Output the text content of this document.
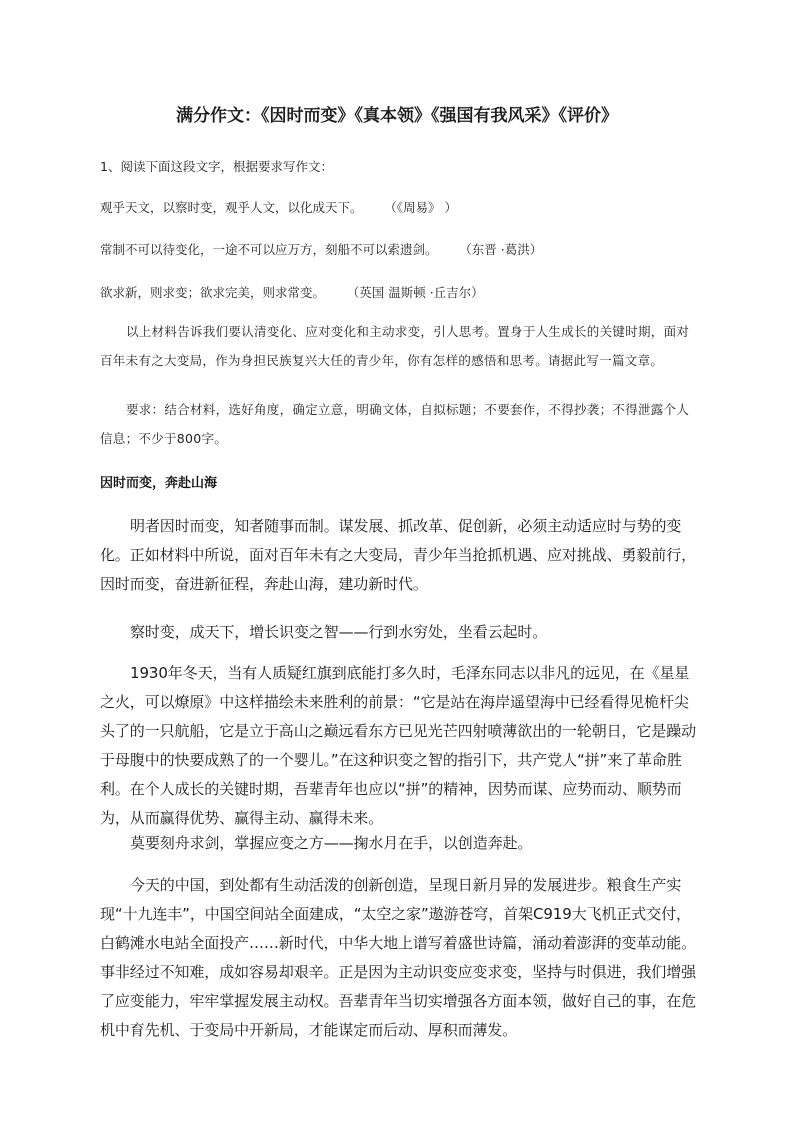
满分作文：《因时而变》《真本领》《强国有我风采》《评价》
1、阅读下面这段文字，根据要求写作文：
观乎天文，以察时变，观乎人文，以化成天下。 （《周易》 ）
常制不可以待变化，一途不可以应万方，刻船不可以索遗剑。 （东晋 ·葛洪）
欲求新，则求变；欲求完美，则求常变。 （英国 温斯顿 ·丘吉尔）

以上材料告诉我们要认清变化、应对变化和主动求变，引人思考。置身于人生成长的关键时期，面对百年未有之大变局，作为身担民族复兴大任的青少年，你有怎样的感悟和思考。请据此写一篇文章。

要求：结合材料，选好角度，确定立意，明确文体，自拟标题；不要套作，不得抄袭；不得泄露个人信息；不少于800字。

因时而变，奔赴山海

明者因时而变，知者随事而制。谋发展、抓改革、促创新，必须主动适应时与势的变化。正如材料中所说，面对百年未有之大变局，青少年当抢抓机遇、应对挑战、勇毅前行，因时而变，奋进新征程，奔赴山海，建功新时代。

察时变，成天下，增长识变之智——行到水穷处，坐看云起时。

1930年冬天，当有人质疑红旗到底能打多久时，毛泽东同志以非凡的远见，在《星星之火，可以燎原》中这样描绘未来胜利的前景：“它是站在海岸遥望海中已经看得见桅杆尖头了的一只航船，它是立于高山之巅远看东方已见光芒四射喷薄欲出的一轮朝日，它是躁动于母腹中的快要成熟了的一个婴儿。”在这种识变之智的指引下，共产党人“拼”来了革命胜利。在个人成长的关键时期，吾辈青年也应以“拼”的精神，因势而谋、应势而动、顺势而为，从而赢得优势、赢得主动、赢得未来。

莫要刻舟求剑，掌握应变之方——掬水月在手，以创造奔赴。

今天的中国，到处都有生动活泼的创新创造，呈现日新月异的发展进步。粮食生产实现“十九连丰”，中国空间站全面建成，“太空之家”遨游苍穹，首架C919大飞机正式交付，白鹤滩水电站全面投产……新时代，中华大地上谱写着盛世诗篇，涌动着澎湃的变革动能。事非经过不知难，成如容易却艰辛。正是因为主动识变应变求变，坚持与时俱进，我们增强了应变能力，牢牢掌握发展主动权。吾辈青年当切实增强各方面本领，做好自己的事，在危机中育先机、于变局中开新局，才能谋定而后动、厚积而薄发。
